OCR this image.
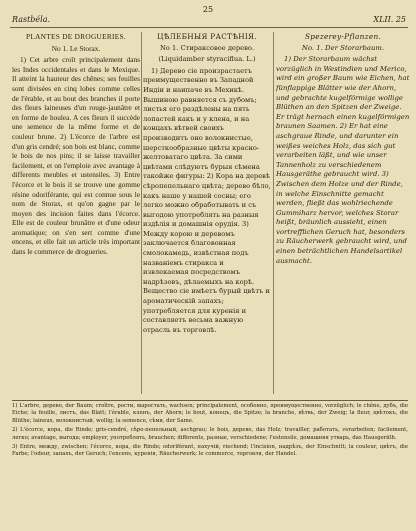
25
Rastbéla.	XLII. 25
PLANTES DE DROGUERIES.
No 1. Le Storax.

1) Cet arbre croît principalement dans les Indes occidentales et dans le Mexique. Il atteint la hauteur des chênes; ses feuilles sont divisées en cinq lobes comme celles de l'érable, et au bout des branches il porte des fleurs laineuses d'un rouge-jaunâtre et en forme de houlea. A ces fleurs il succède une semence de la même forme et de couleur brune. 2) L'écorce de l'arbre est d'un gris cendré; son bois est blanc, comme le bois de nos pins; il se laisse travailler facilement, et on l'emploie avec avantage à differents meubles et ustensiles. 3) Entre l'écorce et le bois il se trouve une gomme résine odoriférante, qui est connue sous le nom de Storax, et qu'on gagne par le moyen des incision faites dans l'écorce. Elle est de couleur brunâtre et d'une odeur aromatique; on s'en sert comme d'une encens, et elle fait un article très important dans le commerce de drogueries.

ЦѢЛЕБНЫЯ РАСТѢНІЯ.
No 1. Стираксовое дерево.
(Liquidamber styraciflua. L.)

1) Дерево сіе произрастаетъ преимущественно въ Западной Индіи и наипаче въ Мехикѣ. Вышиною равняется съ дубомъ; листья его раздѣлены на пять лопастей какъ и у клена, и на концахъ вѣтвей своихъ производитъ оно волокнистые, шерсткообразные цвѣты красно-желтоватаго цвѣта. За сими цвѣтами слѣдуютъ бурыя сѣмена такойже фигуры: 2) Кора на деревѣ сѣропепельнаго цвѣта; дерево бѣло, какъ наше у нашей сосны; его легко можно обработывать и съ выгодою употреблять на разныя издѣлія и домашнія орудія. 3) Между корою и деревомъ заключается благовонная смолокамедь, извѣстная подъ названіемъ стиракса и извлекаемая посредствомъ надрѣзовъ, дѣлаемыхъ на корѣ. Вещество сіе имѣетъ бурый цвѣтъ и ароматическій запахъ; употребляется для куренія и составляетъ весьма важную отрасль въ торговлѣ.

Spezerey-Pflanzen.
No. 1. Der Storarbaum.

1) Der Storarbaum wächst vorzüglich in Westindien und Merico, wird ein großer Baum wie Eichen, hat fünflappige Blätter wie der Ahorn, und gebrachte kugelförmige wollige Blüthen an den Spitzen der Zweige. Er trägt hernach einen kugelförmigen braunen Saamen. 2) Er hat eine aschgraue Rinde, und darunter ein weißes weiches Holz, das sich gut verarbeiten läßt, und wie unser Tannenholz zu verschiedenem Hausgeräthe gebraucht wird. 3) Zwischen dem Holze und der Rinde, in welche Einschnitte gemacht werden, fließt das wohlriechende Gummiharz hervor, welches Storar heißt, bräunlich aussieht, einen vortrefflichen Geruch hat, besonders zu Räucherwerk gebraucht wird, und einen beträchtlichen Handelsartikel ausmacht.

1) L'arbre, дерево, der Baum; croître, рости, выростать, wachsen; principalement, особенно, преимущественно, vorzüglich; le chêne, дубъ, die Eiche; la feuille, листъ, das Blatt; l'érable, кленъ, der Ahorn; le bout, конецъ, die Spitze; la branche, вѣтвь, der Zweig; la fleur, цвѣтокъ, die Blüthe; laineux, волокнистый, wollig; la semence, сѣмя, der Same.

2) L'écorce, кора, die Rinde; gris-cendré, сѣро-пепельный, aschgrau; le bois, дерево, das Holz; travailler, работать, verarbeiten; facilement, легко; avantage, выгода; employer, употреблять, brauchen; differents, разные, verschiedene; l'ustensile, домашняя утварь, das Hausgeräth.

3) Entre, между, zwischen; l'écorce, кора, die Rinde; odoriférant, пахучій, riechend; l'incision, надрѣзъ, der Einschnitt; la couleur, цвѣтъ, die Farbe; l'odeur, запахъ, der Geruch; l'encens, куренія, Räucherwerk; le commerce, торговля, der Handel.
